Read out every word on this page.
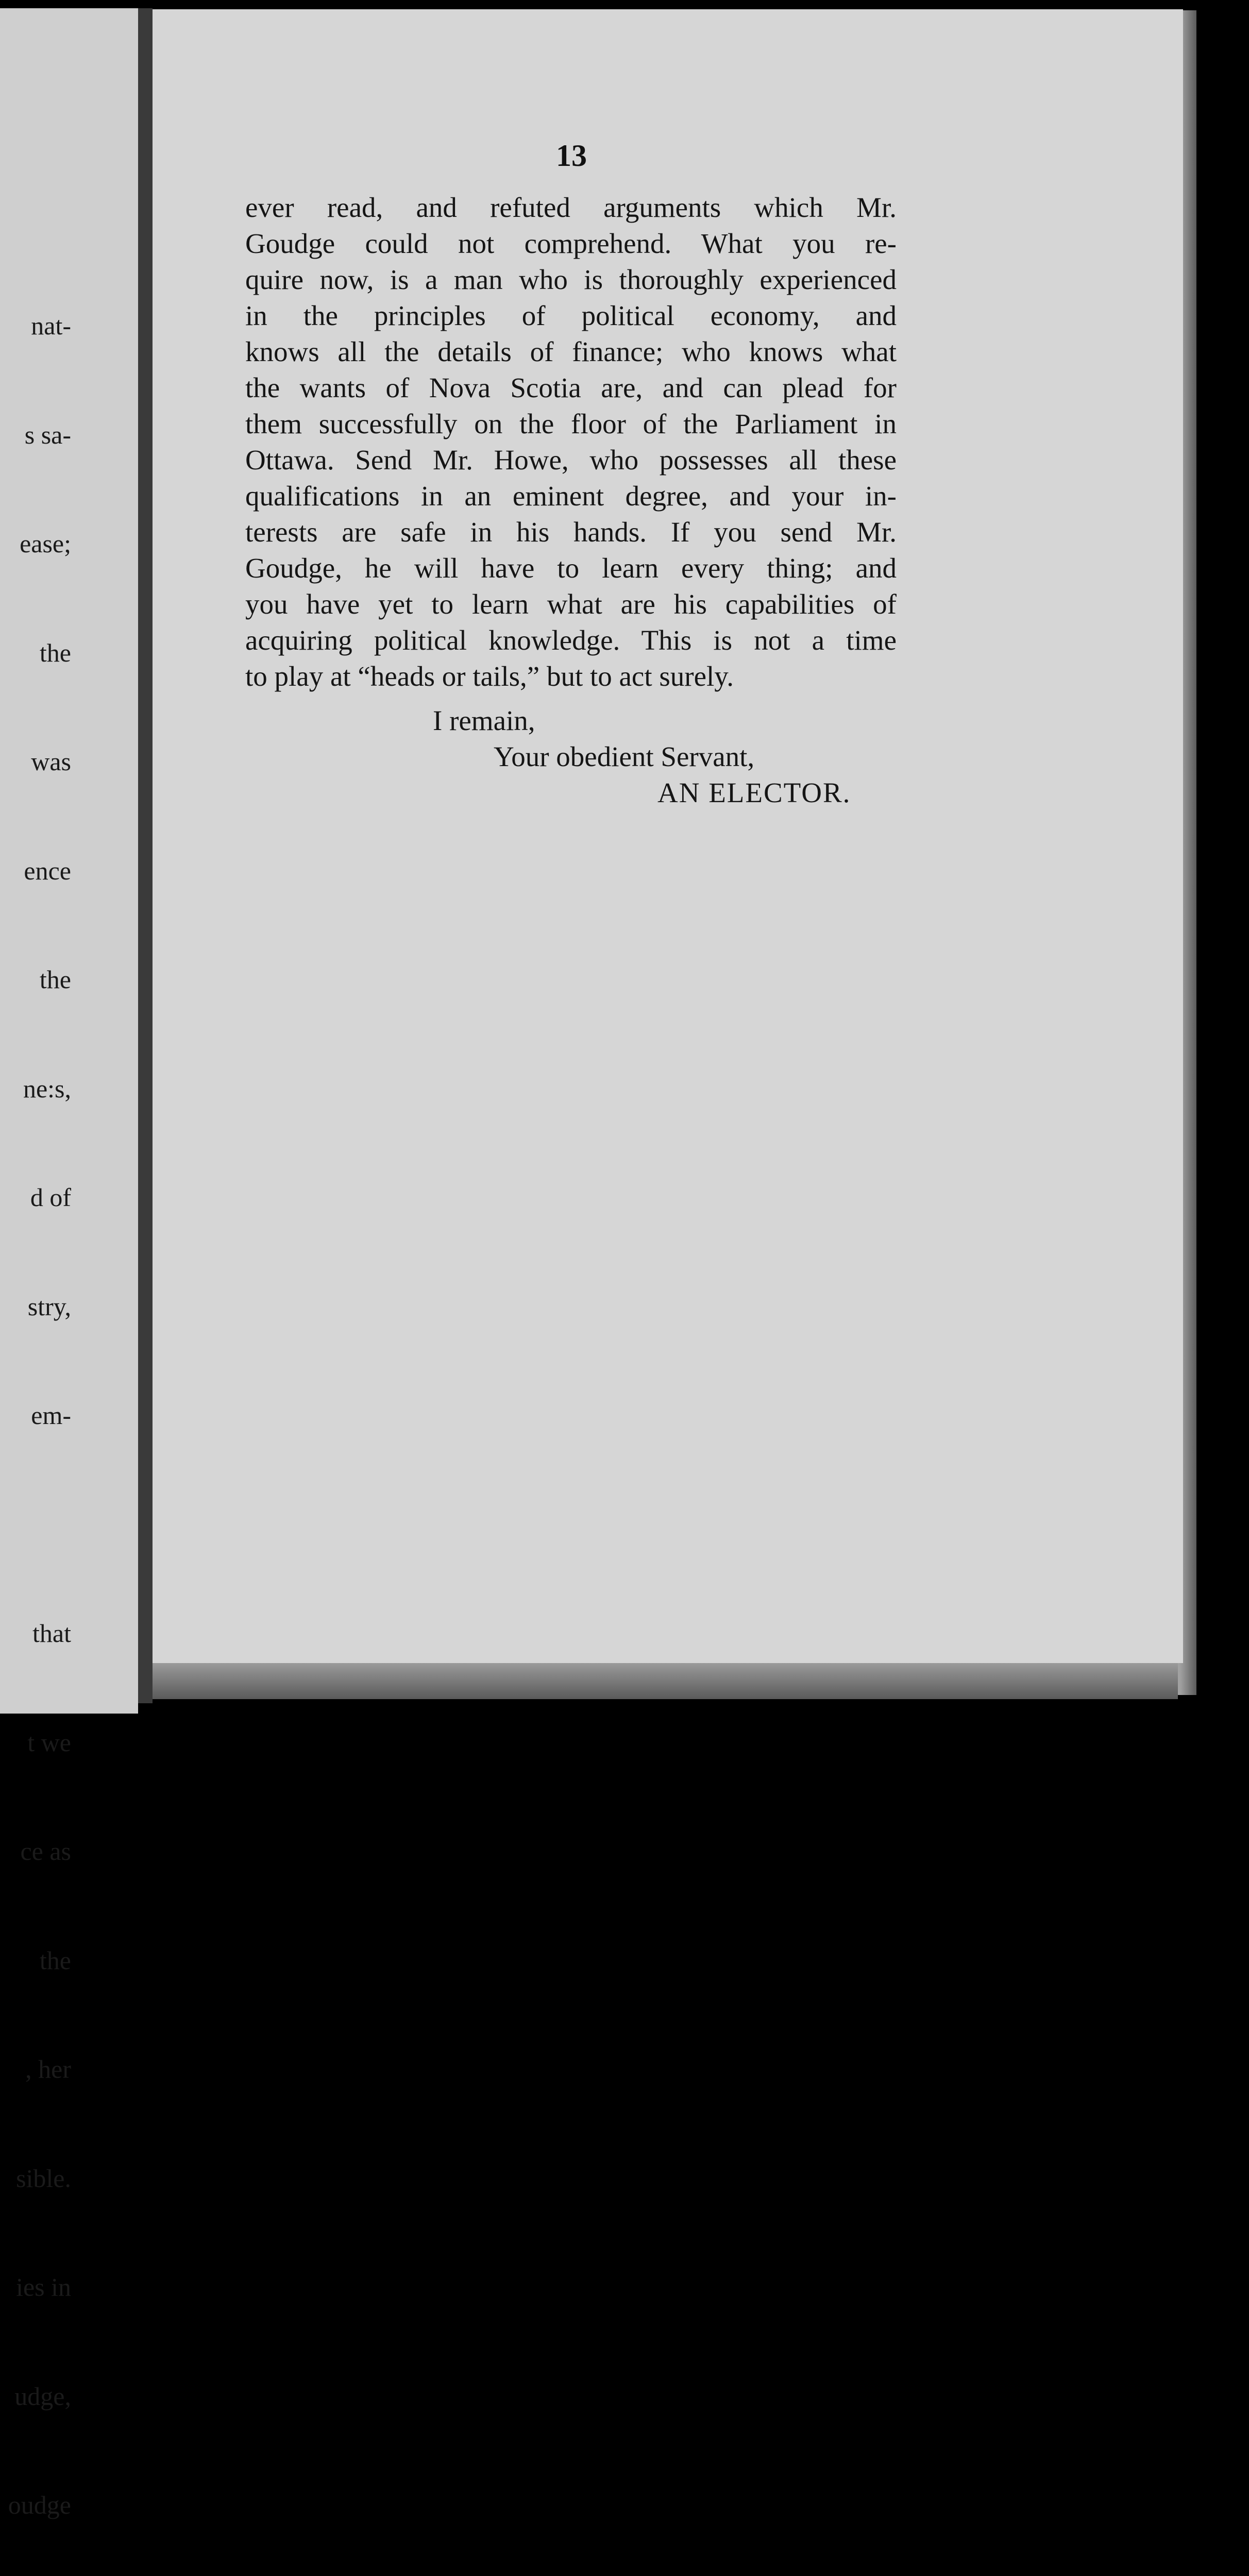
nat-

s sa-

ease;

the

was

ence

the

ne:s,

d of

stry,

em-

that

t we

ce as

the

, her

sible.

ies in

udge,

oudge

13
ever read, and refuted arguments which Mr.
Goudge could not comprehend. What you re-
quire now, is a man who is thoroughly experienced
in the principles of political economy, and
knows all the details of finance; who knows what
the wants of Nova Scotia are, and can plead for
them successfully on the floor of the Parliament in
Ottawa. Send Mr. Howe, who possesses all these
qualifications in an eminent degree, and your in-
terests are safe in his hands. If you send Mr.
Goudge, he will have to learn every thing; and
you have yet to learn what are his capabilities of
acquiring political knowledge. This is not a time
to play at “heads or tails,” but to act surely.
I remain,
Your obedient Servant,
AN ELECTOR.
